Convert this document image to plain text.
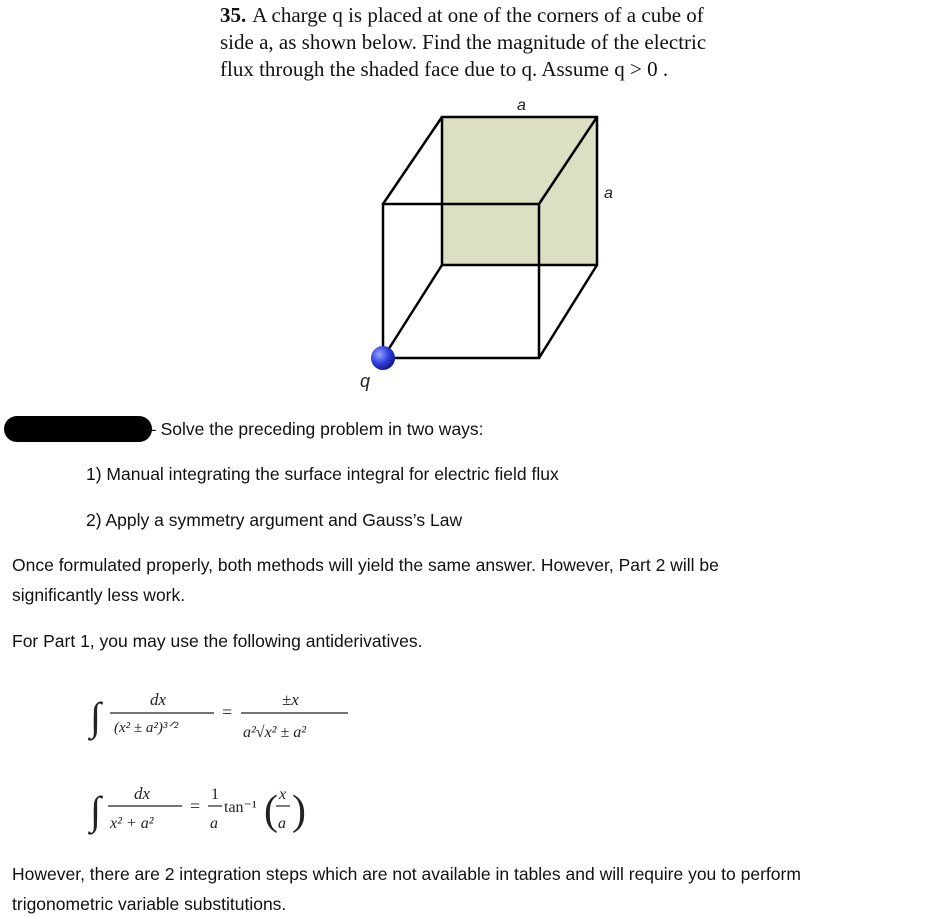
35. A charge q is placed at one of the corners of a cube of
side a, as shown below. Find the magnitude of the electric
flux through the shaded face due to q. Assume q > 0 .
a
a
q
– Solve the preceding problem in two ways:
1) Manual integrating the surface integral for electric field flux
2) Apply a symmetry argument and Gauss’s Law
Once formulated properly, both methods will yield the same answer. However, Part 2 will be
significantly less work.
For Part 1, you may use the following antiderivatives.
∫	dx
(x² ± a²)³ᐟ²
=
±x
a²√x² ± a²
∫ dx
x² + a²
=
1
a
tan⁻¹ ( x
a )
However, there are 2 integration steps which are not available in tables and will require you to perform
trigonometric variable substitutions.
